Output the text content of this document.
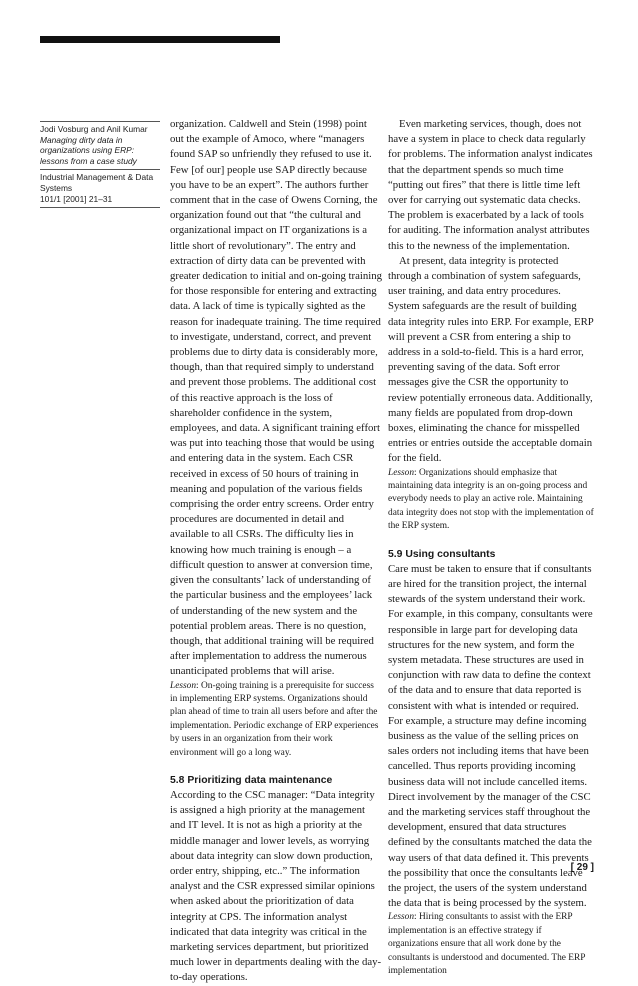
Jodi Vosburg and Anil Kumar
Managing dirty data in organizations using ERP: lessons from a case study
Industrial Management & Data Systems
101/1 [2001] 21–31

organization. Caldwell and Stein (1998) point out the example of Amoco, where “managers found SAP so unfriendly they refused to use it. Few [of our] people use SAP directly because you have to be an expert”. The authors further comment that in the case of Owens Corning, the organization found out that “the cultural and organizational impact on IT organizations is a little short of revolutionary”. The entry and extraction of dirty data can be prevented with greater dedication to initial and on-going training for those responsible for entering and extracting data. A lack of time is typically sighted as the reason for inadequate training. The time required to investigate, understand, correct, and prevent problems due to dirty data is considerably more, though, than that required simply to understand and prevent those problems. The additional cost of this reactive approach is the loss of shareholder confidence in the system, employees, and data. A significant training effort was put into teaching those that would be using and entering data in the system. Each CSR received in excess of 50 hours of training in meaning and population of the various fields comprising the order entry screens. Order entry procedures are documented in detail and available to all CSRs. The difficulty lies in knowing how much training is enough – a difficult question to answer at conversion time, given the consultants’ lack of understanding of the particular business and the employees’ lack of understanding of the new system and the potential problem areas. There is no question, though, that additional training will be required after implementation to address the numerous unanticipated problems that will arise.

Lesson: On-going training is a prerequisite for success in implementing ERP systems. Organizations should plan ahead of time to train all users before and after the implementation. Periodic exchange of ERP experiences by users in an organization from their work environment will go a long way.

5.8 Prioritizing data maintenance

According to the CSC manager: “Data integrity is assigned a high priority at the management and IT level. It is not as high a priority at the middle manager and lower levels, as worrying about data integrity can slow down production, order entry, shipping, etc..” The information analyst and the CSR expressed similar opinions when asked about the prioritization of data integrity at CPS. The information analyst indicated that data integrity was critical in the marketing services department, but prioritized much lower in departments dealing with the day-to-day operations.

Even marketing services, though, does not have a system in place to check data regularly for problems. The information analyst indicates that the department spends so much time “putting out fires” that there is little time left over for carrying out systematic data checks. The problem is exacerbated by a lack of tools for auditing. The information analyst attributes this to the newness of the implementation.

At present, data integrity is protected through a combination of system safeguards, user training, and data entry procedures. System safeguards are the result of building data integrity rules into ERP. For example, ERP will prevent a CSR from entering a ship to address in a sold-to-field. This is a hard error, preventing saving of the data. Soft error messages give the CSR the opportunity to review potentially erroneous data. Additionally, many fields are populated from drop-down boxes, eliminating the chance for misspelled entries or entries outside the acceptable domain for the field.

Lesson: Organizations should emphasize that maintaining data integrity is an on-going process and everybody needs to play an active role. Maintaining data integrity does not stop with the implementation of the ERP system.

5.9 Using consultants

Care must be taken to ensure that if consultants are hired for the transition project, the internal stewards of the system understand their work. For example, in this company, consultants were responsible in large part for developing data structures for the new system, and form the system metadata. These structures are used in conjunction with raw data to define the context of the data and to ensure that data reported is consistent with what is intended or required. For example, a structure may define incoming business as the value of the selling prices on sales orders not including items that have been cancelled. Thus reports providing incoming business data will not include cancelled items. Direct involvement by the manager of the CSC and the marketing services staff throughout the development, ensured that data structures defined by the consultants matched the data the way users of that data defined it. This prevents the possibility that once the consultants leave the project, the users of the system understand the data that is being processed by the system.

Lesson: Hiring consultants to assist with the ERP implementation is an effective strategy if organizations ensure that all work done by the consultants is understood and documented. The ERP implementation

[ 29 ]
